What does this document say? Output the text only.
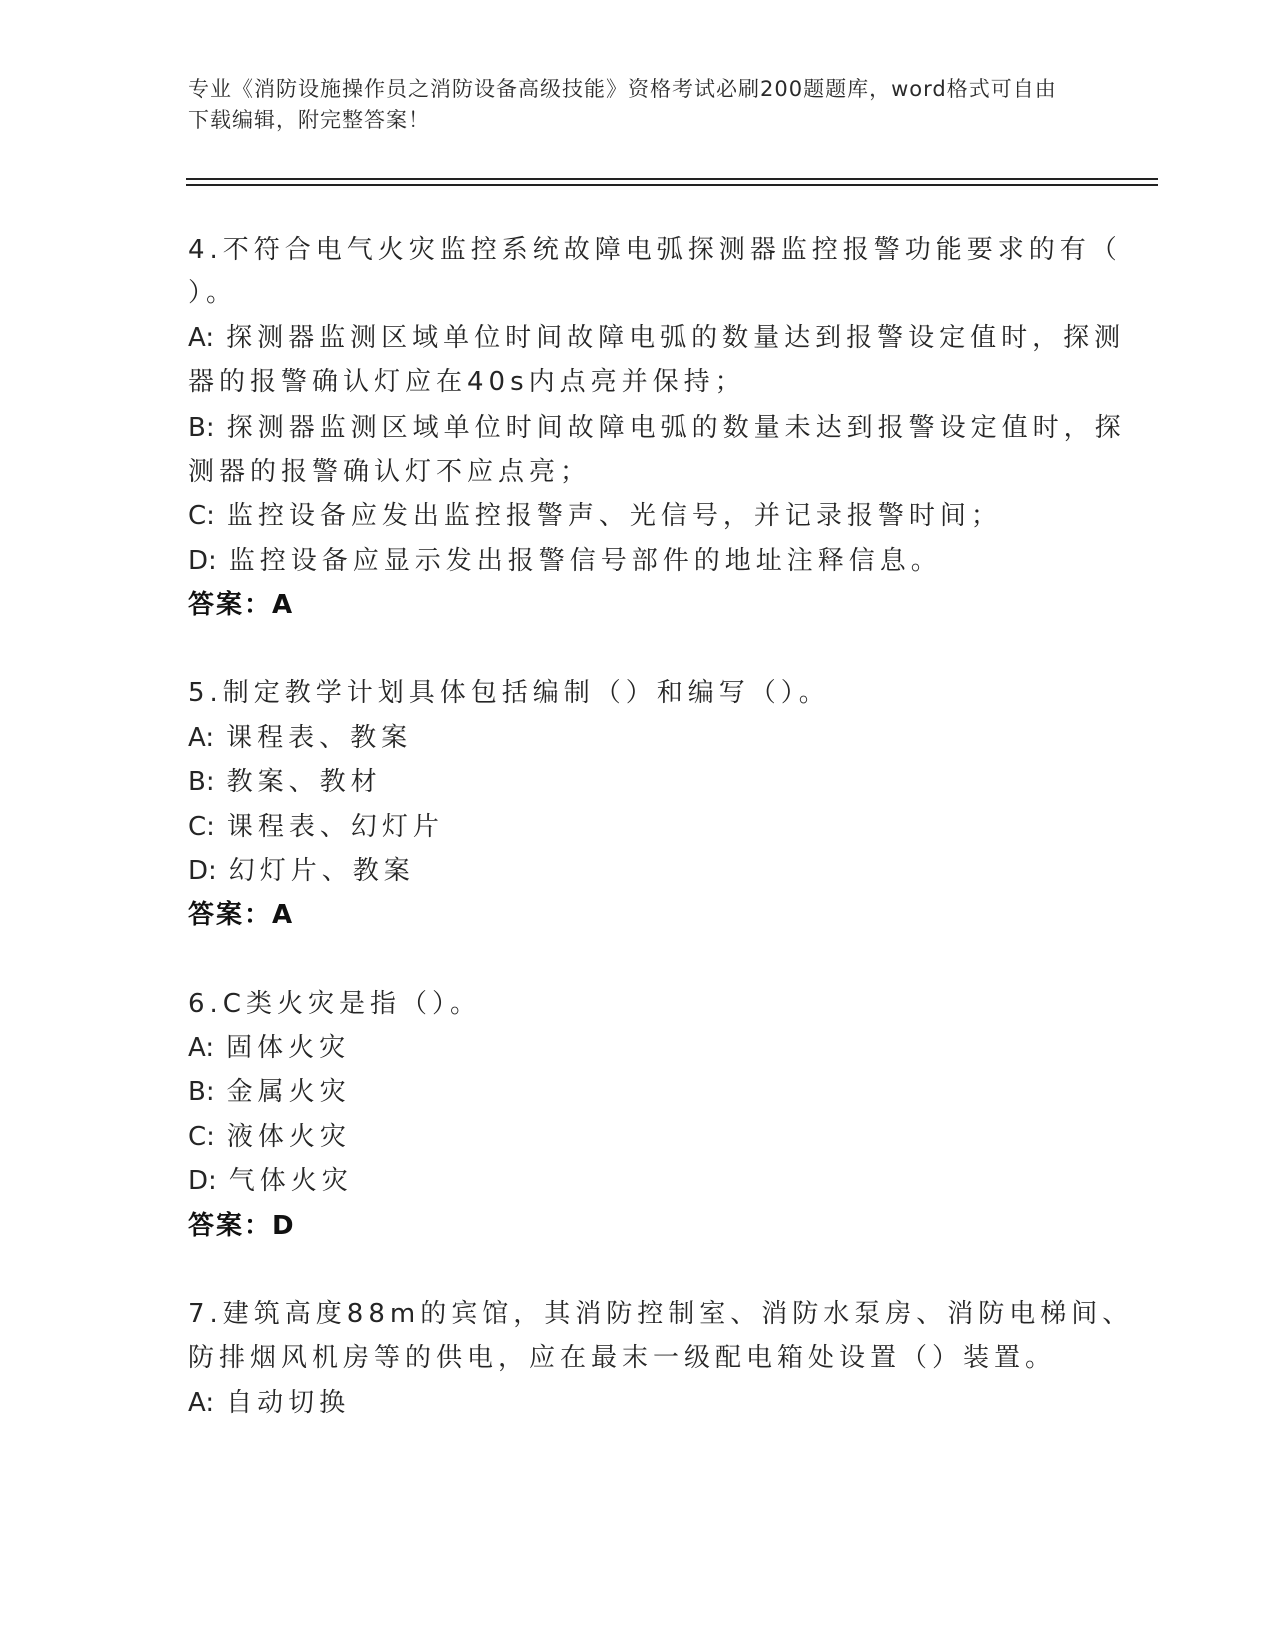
专业《消防设施操作员之消防设备高级技能》资格考试必刷200题题库，word格式可自由下载编辑，附完整答案！
4.不符合电气火灾监控系统故障电弧探测器监控报警功能要求的有（
）。
A: 探测器监测区域单位时间故障电弧的数量达到报警设定值时，探测
器的报警确认灯应在40s内点亮并保持；
B: 探测器监测区域单位时间故障电弧的数量未达到报警设定值时，探
测器的报警确认灯不应点亮；
C: 监控设备应发出监控报警声、光信号，并记录报警时间；
D: 监控设备应显示发出报警信号部件的地址注释信息。
答案：A
5.制定教学计划具体包括编制（）和编写（）。
A: 课程表、教案
B: 教案、教材
C: 课程表、幻灯片
D: 幻灯片、教案
答案：A
6.C类火灾是指（）。
A: 固体火灾
B: 金属火灾
C: 液体火灾
D: 气体火灾
答案：D
7.建筑高度88m的宾馆，其消防控制室、消防水泵房、消防电梯间、
防排烟风机房等的供电，应在最末一级配电箱处设置（）装置。
A: 自动切换
